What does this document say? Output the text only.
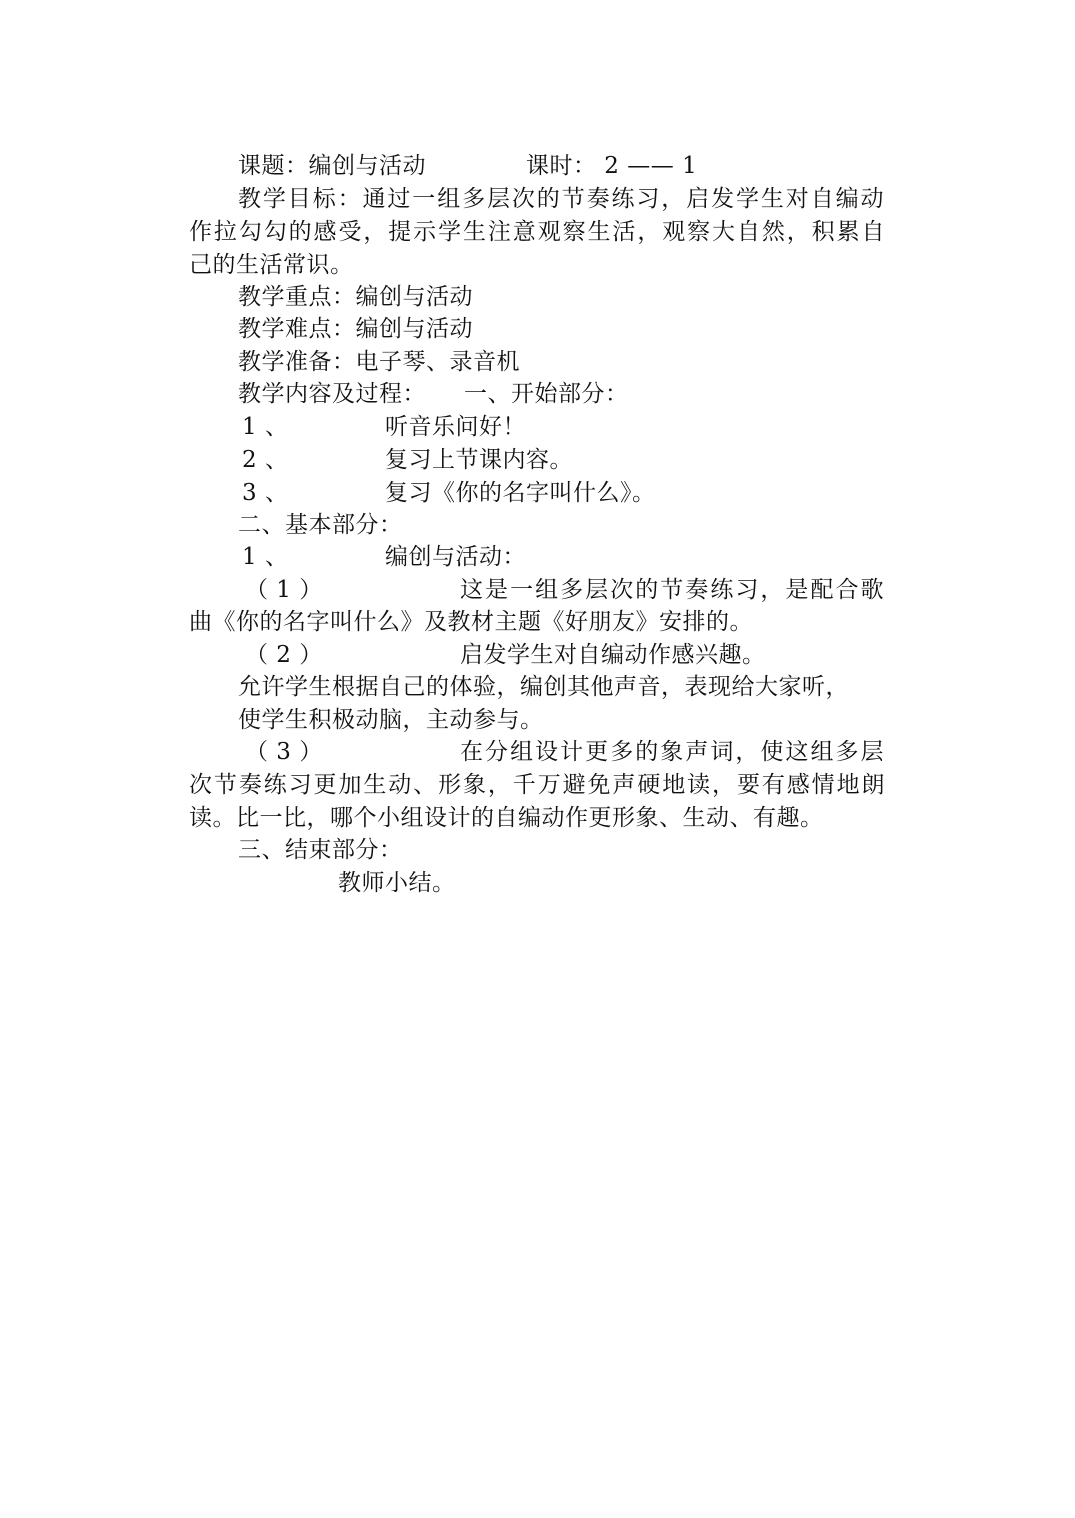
课题：编创与活动	课时： 2 —— 1
教学目标：通过一组多层次的节奏练习，启发学生对自编动
作拉勾勾的感受，提示学生注意观察生活，观察大自然，积累自
己的生活常识。
教学重点：编创与活动
教学难点：编创与活动
教学准备：电子琴、录音机
教学内容及过程： 一、开始部分：
1 、	听音乐问好！
2 、	复习上节课内容。
3 、	复习《你的名字叫什么》。
二、基本部分：
1 、	编创与活动：
（ 1 ）	这是一组多层次的节奏练习，是配合歌
曲《你的名字叫什么》及教材主题《好朋友》安排的。
（ 2 ）	启发学生对自编动作感兴趣。
允许学生根据自己的体验，编创其他声音，表现给大家听，
使学生积极动脑，主动参与。
（ 3 ）	在分组设计更多的象声词，使这组多层
次节奏练习更加生动、形象，千万避免声硬地读，要有感情地朗
读。比一比，哪个小组设计的自编动作更形象、生动、有趣。
三、结束部分：
教师小结。
